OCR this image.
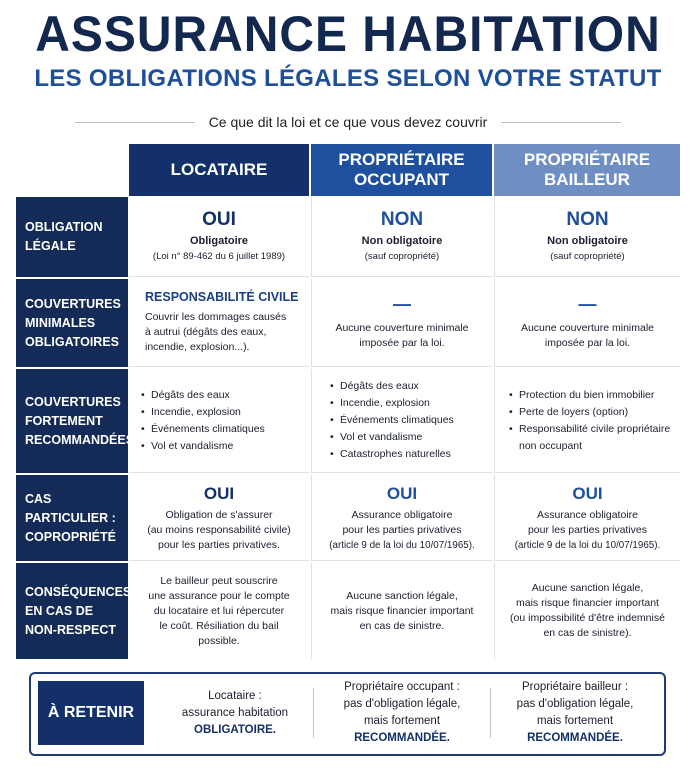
ASSURANCE HABITATION
LES OBLIGATIONS LÉGALES SELON VOTRE STATUT
Ce que dit la loi et ce que vous devez couvrir
LOCATAIRE
PROPRIÉTAIRE
OCCUPANT
PROPRIÉTAIRE
BAILLEUR
OBLIGATION LÉGALE
OUI
Obligatoire
(Loi n° 89-462 du 6 juillet 1989)
NON
Non obligatoire
(sauf copropriété)
NON
Non obligatoire
(sauf copropriété)
COUVERTURES MINIMALES OBLIGATOIRES
RESPONSABILITÉ CIVILE
Couvrir les dommages causés
à autrui (dégâts des eaux,
incendie, explosion...).
—
Aucune couverture minimale
imposée par la loi.
—
Aucune couverture minimale
imposée par la loi.
COUVERTURES FORTEMENT RECOMMANDÉES
• Dégâts des eaux
• Incendie, explosion
• Événements climatiques
• Vol et vandalisme
• Dégâts des eaux
• Incendie, explosion
• Événements climatiques
• Vol et vandalisme
• Catastrophes naturelles
• Protection du bien immobilier
• Perte de loyers (option)
• Responsabilité civile propriétaire non occupant
CAS PARTICULIER : COPROPRIÉTÉ
OUI
Obligation de s'assurer
(au moins responsabilité civile)
pour les parties privatives.
OUI
Assurance obligatoire
pour les parties privatives
(article 9 de la loi du 10/07/1965).
OUI
Assurance obligatoire
pour les parties privatives
(article 9 de la loi du 10/07/1965).
CONSÉQUENCES EN CAS DE NON-RESPECT
Le bailleur peut souscrire
une assurance pour le compte
du locataire et lui répercuter
le coût. Résiliation du bail
possible.
Aucune sanction légale,
mais risque financier important
en cas de sinistre.
Aucune sanction légale,
mais risque financier important
(ou impossibilité d'être indemnisé
en cas de sinistre).
À RETENIR
Locataire :
assurance habitation
OBLIGATOIRE.
Propriétaire occupant :
pas d'obligation légale,
mais fortement
RECOMMANDÉE.
Propriétaire bailleur :
pas d'obligation légale,
mais fortement
RECOMMANDÉE.
